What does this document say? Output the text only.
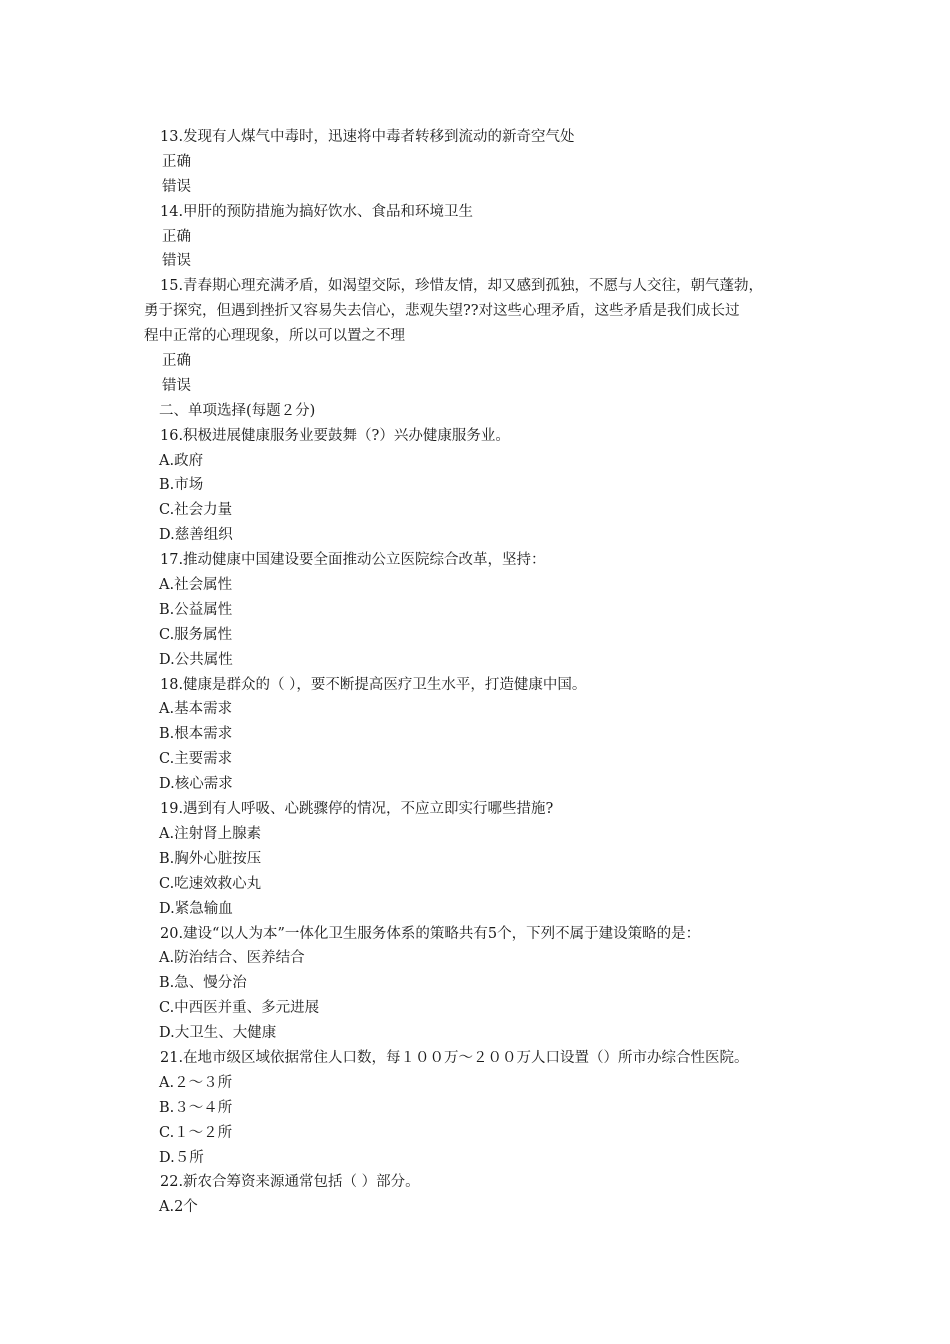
13.发现有人煤气中毒时，迅速将中毒者转移到流动的新奇空气处
正确
错误
14.甲肝的预防措施为搞好饮水、食品和环境卫生
正确
错误
15.青春期心理充满矛盾，如渴望交际，珍惜友情，却又感到孤独，不愿与人交往，朝气蓬勃，
勇于探究，但遇到挫折又容易失去信心，悲观失望??对这些心理矛盾，这些矛盾是我们成长过
程中正常的心理现象，所以可以置之不理
正确
错误
二、单项选择(每题２分)
16.积极进展健康服务业要鼓舞（?）兴办健康服务业。
A.政府
B.市场
C.社会力量
D.慈善组织
17.推动健康中国建设要全面推动公立医院综合改革，坚持：
A.社会属性
B.公益属性
C.服务属性
D.公共属性
18.健康是群众的（ ），要不断提高医疗卫生水平，打造健康中国。
A.基本需求
B.根本需求
C.主要需求
D.核心需求
19.遇到有人呼吸、心跳骤停的情况，不应立即实行哪些措施?
A.注射肾上腺素
B.胸外心脏按压
C.吃速效救心丸
D.紧急输血
20.建设“以人为本”一体化卫生服务体系的策略共有5个，下列不属于建设策略的是：
A.防治结合、医养结合
B.急、慢分治
C.中西医并重、多元进展
D.大卫生、大健康
21.在地市级区域依据常住人口数，每１００万～２００万人口设置（）所市办综合性医院。
A.２～３所
B.３～４所
C.１～２所
D.５所
22.新农合筹资来源通常包括（ ）部分。
A.2个
